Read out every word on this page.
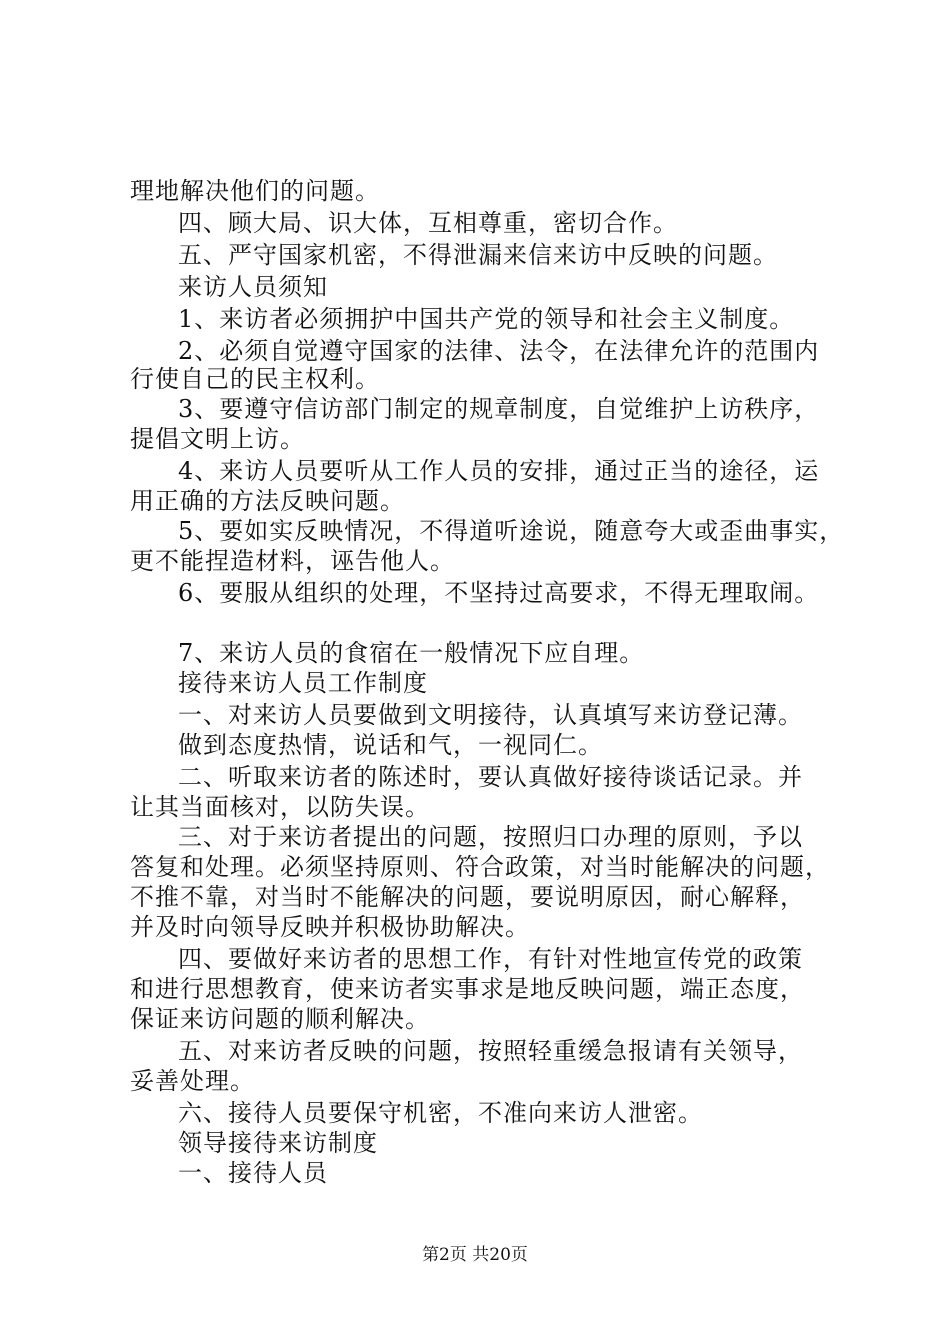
理地解决他们的问题。
四、顾大局、识大体，互相尊重，密切合作。
五、严守国家机密，不得泄漏来信来访中反映的问题。
来访人员须知
1、来访者必须拥护中国共产党的领导和社会主义制度。
2、必须自觉遵守国家的法律、法令，在法律允许的范围内
行使自己的民主权利。
3、要遵守信访部门制定的规章制度，自觉维护上访秩序，
提倡文明上访。
4、来访人员要听从工作人员的安排，通过正当的途径，运
用正确的方法反映问题。
5、要如实反映情况，不得道听途说，随意夸大或歪曲事实，
更不能捏造材料，诬告他人。
6、要服从组织的处理，不坚持过高要求，不得无理取闹。
7、来访人员的食宿在一般情况下应自理。
接待来访人员工作制度
一、对来访人员要做到文明接待，认真填写来访登记薄。
做到态度热情，说话和气，一视同仁。
二、听取来访者的陈述时，要认真做好接待谈话记录。并
让其当面核对，以防失误。
三、对于来访者提出的问题，按照归口办理的原则，予以
答复和处理。必须坚持原则、符合政策，对当时能解决的问题，
不推不靠，对当时不能解决的问题，要说明原因，耐心解释，
并及时向领导反映并积极协助解决。
四、要做好来访者的思想工作，有针对性地宣传党的政策
和进行思想教育，使来访者实事求是地反映问题，端正态度，
保证来访问题的顺利解决。
五、对来访者反映的问题，按照轻重缓急报请有关领导，
妥善处理。
六、接待人员要保守机密，不准向来访人泄密。
领导接待来访制度
一、接待人员
第2页 共20页
